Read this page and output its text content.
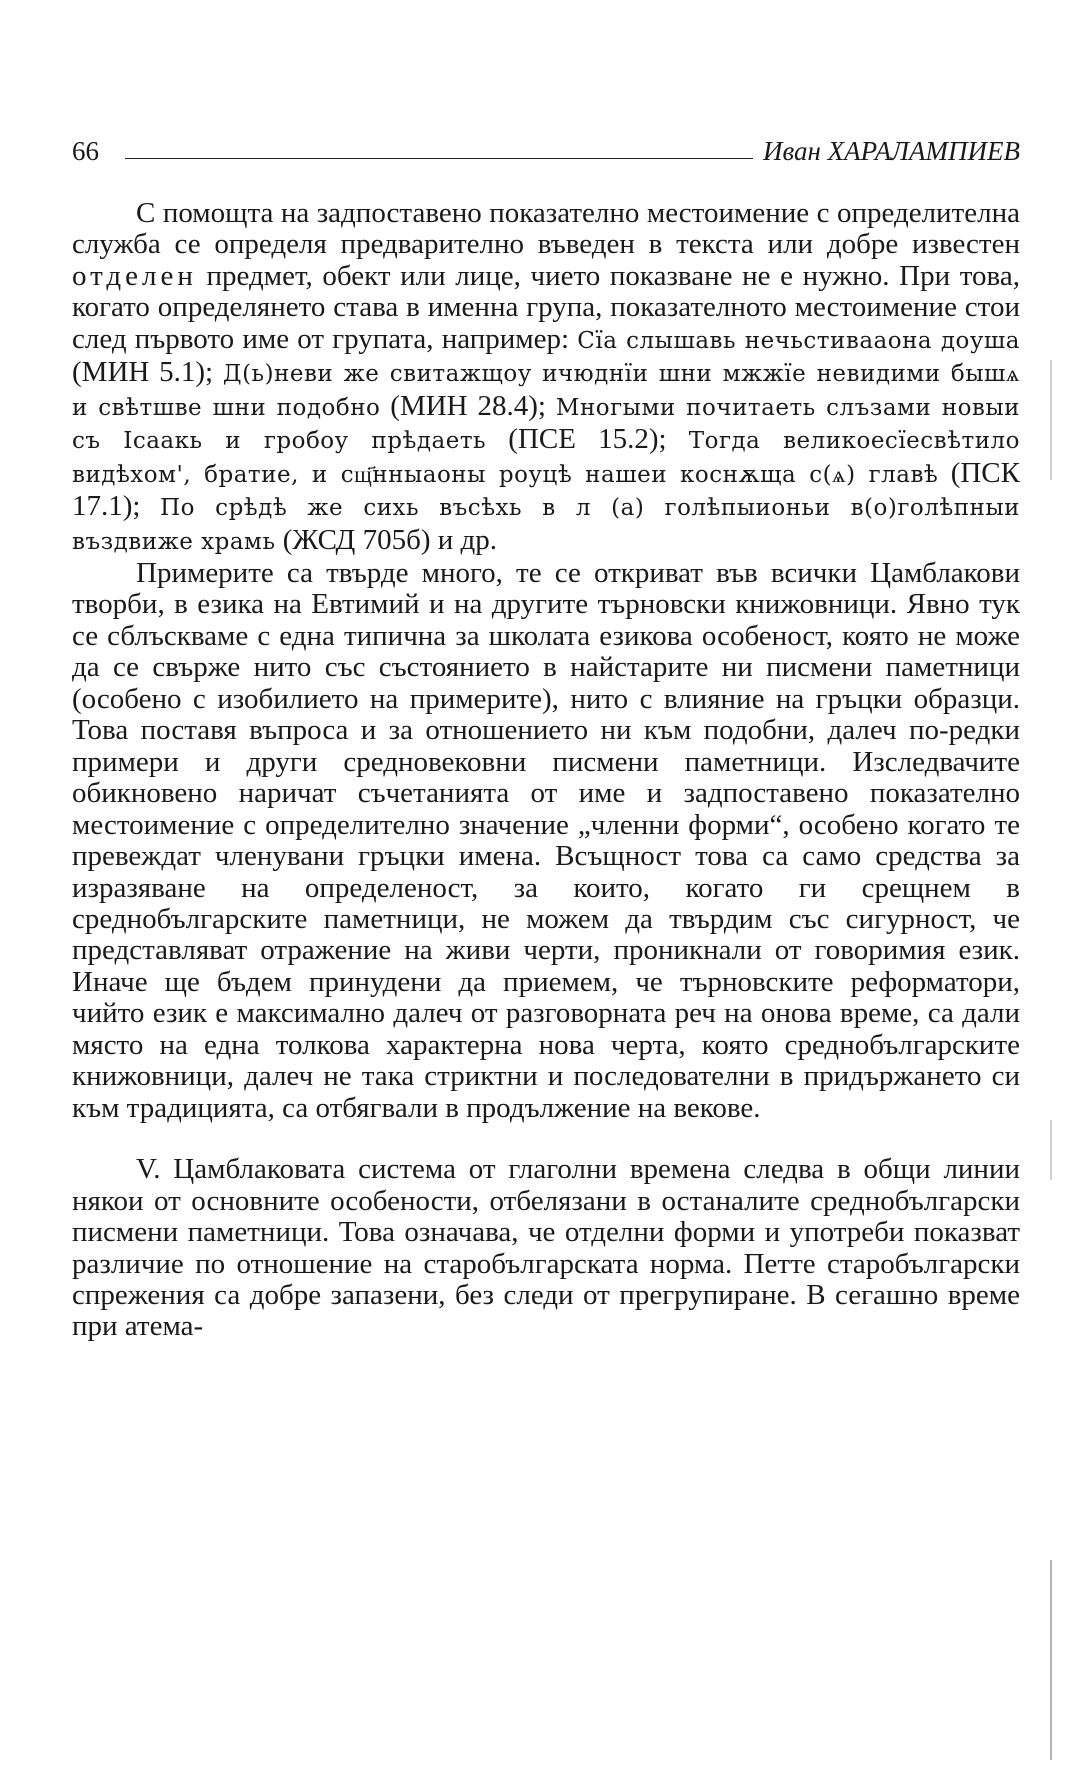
66	Иван ХАРАЛАМПИЕВ

С помощта на задпоставено показателно местоимение с определителна служба се определя предварително въведен в текста или добре известен отделен предмет, обект или лице, чието показване не е нужно. При това, когато определянето става в именна група, показателното местоимение стои след първото име от групата, например: Сїа слышавь нечьстивааона доуша (МИН 5.1); Д(ь)неви же свитажщоу ичюднїи шни мжжїе невидими бышѧ и свѣтшве шни подобно (МИН 28.4); Многыми почитаеть слъзами новыи съ Ісаакь и гробоу прѣдаеть (ПСЕ 15.2); Тогда великоесїесвѣтило видѣхом', братие, и сщ҃нныаоны роуцѣ нашеи коснѫща с(ѧ) главѣ (ПСК 17.1); По срѣдѣ же сихь въсѣхь в л (а) голѣпыионьи в(о)голѣпныи въздвиже храмь (ЖСД 705б) и др.

Примерите са твърде много, те се откриват във всички Цамблакови творби, в езика на Евтимий и на другите търновски книжовници. Явно тук се сблъскваме с една типична за школата езикова особеност, която не може да се свърже нито със състоянието в найстарите ни писмени паметници (особено с изобилието на примерите), нито с влияние на гръцки образци. Това поставя въпроса и за отношението ни към подобни, далеч по-редки примери и други средновековни писмени паметници. Изследвачите обикновено наричат съчетанията от име и задпоставено показателно местоимение с определително значение „членни форми“, особено когато те превеждат членувани гръцки имена. Всъщност това са само средства за изразяване на определеност, за които, когато ги срещнем в среднобългарските паметници, не можем да твърдим със сигурност, че представляват отражение на живи черти, проникнали от говоримия език. Иначе ще бъдем принудени да приемем, че търновските реформатори, чийто език е максимално далеч от разговорната реч на онова време, са дали място на една толкова характерна нова черта, която среднобългарските книжовници, далеч не така стриктни и последователни в придържането си към традицията, са отбягвали в продължение на векове.

V. Цамблаковата система от глаголни времена следва в общи линии някои от основните особености, отбелязани в останалите среднобългарски писмени паметници. Това означава, че отделни форми и употреби показват различие по отношение на старобългарската норма. Петте старобългарски спрежения са добре запазени, без следи от прегрупиране. В сегашно време при атема-
